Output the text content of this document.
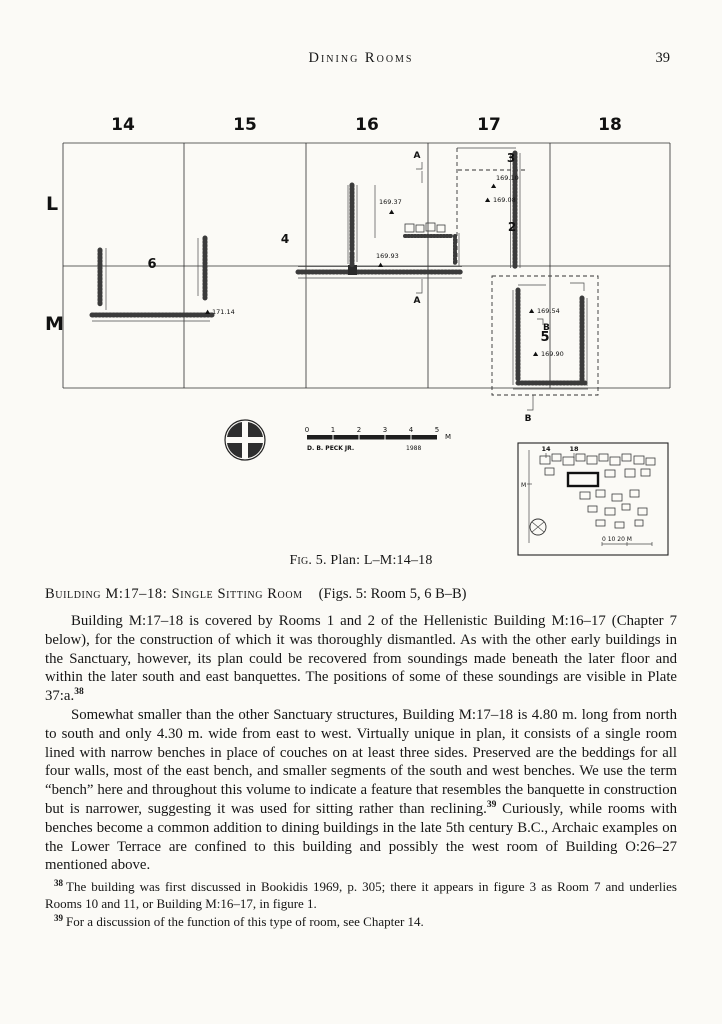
Dining Rooms	39
14	15	16	17	18
L
M
6
171.14
4
169.93
169.37
A
A
3
169.10
169.08
2
169.54
B
5
169.90
B
0	1	2	3	4	5
M
D. B. PECK JR.	1988	14	18
M
0 10 20 M
Fig. 5. Plan: L–M:14–18
Building M:17–18: Single Sitting Room (Figs. 5: Room 5, 6 B–B)

Building M:17–18 is covered by Rooms 1 and 2 of the Hellenistic Building M:16–17 (Chapter 7 below), for the construction of which it was thoroughly dismantled. As with the other early buildings in the Sanctuary, however, its plan could be recovered from soundings made beneath the later floor and within the later south and east banquettes. The positions of some of these soundings are visible in Plate 37:a.$^{38}$

Somewhat smaller than the other Sanctuary structures, Building M:17–18 is 4.80 m. long from north to south and only 4.30 m. wide from east to west. Virtually unique in plan, it consists of a single room lined with narrow benches in place of couches on at least three sides. Preserved are the beddings for all four walls, most of the east bench, and smaller segments of the south and west benches. We use the term “bench” here and throughout this volume to indicate a feature that resembles the banquette in construction but is narrower, suggesting it was used for sitting rather than reclining.$^{39}$ Curiously, while rooms with benches become a common addition to dining buildings in the late 5th century B.C., Archaic examples on the Lower Terrace are confined to this building and possibly the west room of Building O:26–27 mentioned above.

$^{38}$ The building was first discussed in Bookidis 1969, p. 305; there it appears in figure 3 as Room 7 and underlies Rooms 10 and 11, or Building M:16–17, in figure 1.

$^{39}$ For a discussion of the function of this type of room, see Chapter 14.
